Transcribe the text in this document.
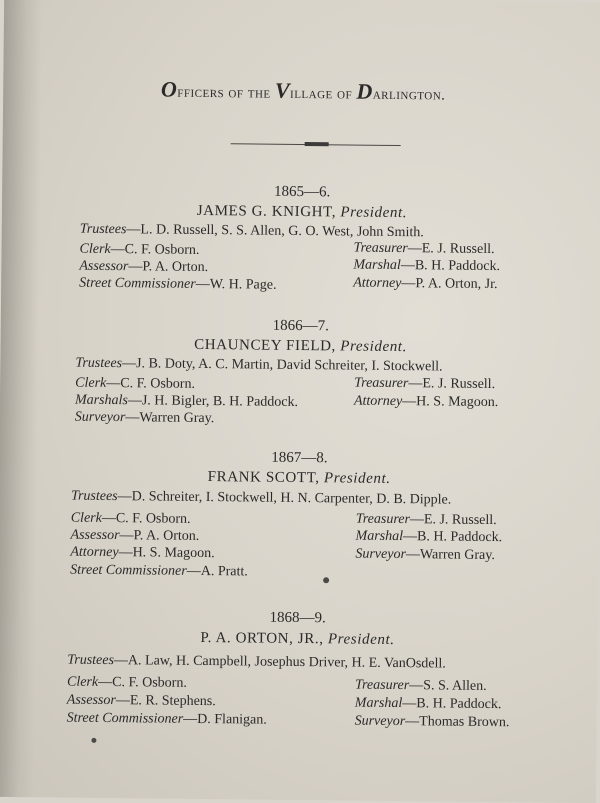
Officers of the Village of Darlington.
1865—6.
JAMES G. KNIGHT, President.
Trustees—L. D. Russell, S. S. Allen, G. O. West, John Smith.
Clerk—C. F. Osborn.
Assessor—P. A. Orton.
Street Commissioner—W. H. Page.
Treasurer—E. J. Russell.
Marshal—B. H. Paddock.
Attorney—P. A. Orton, Jr.
1866—7.
CHAUNCEY FIELD, President.
Trustees—J. B. Doty, A. C. Martin, David Schreiter, I. Stockwell.
Clerk—C. F. Osborn.
Marshals—J. H. Bigler, B. H. Paddock.
Surveyor—Warren Gray.
Treasurer—E. J. Russell.
Attorney—H. S. Magoon.
1867—8.
FRANK SCOTT, President.
Trustees—D. Schreiter, I. Stockwell, H. N. Carpenter, D. B. Dipple.
Clerk—C. F. Osborn.
Assessor—P. A. Orton.
Attorney—H. S. Magoon.
Street Commissioner—A. Pratt.
Treasurer—E. J. Russell.
Marshal—B. H. Paddock.
Surveyor—Warren Gray.
1868—9.
P. A. ORTON, JR., President.
Trustees—A. Law, H. Campbell, Josephus Driver, H. E. VanOsdell.
Clerk—C. F. Osborn.
Assessor—E. R. Stephens.
Street Commissioner—D. Flanigan.
Treasurer—S. S. Allen.
Marshal—B. H. Paddock.
Surveyor—Thomas Brown.
